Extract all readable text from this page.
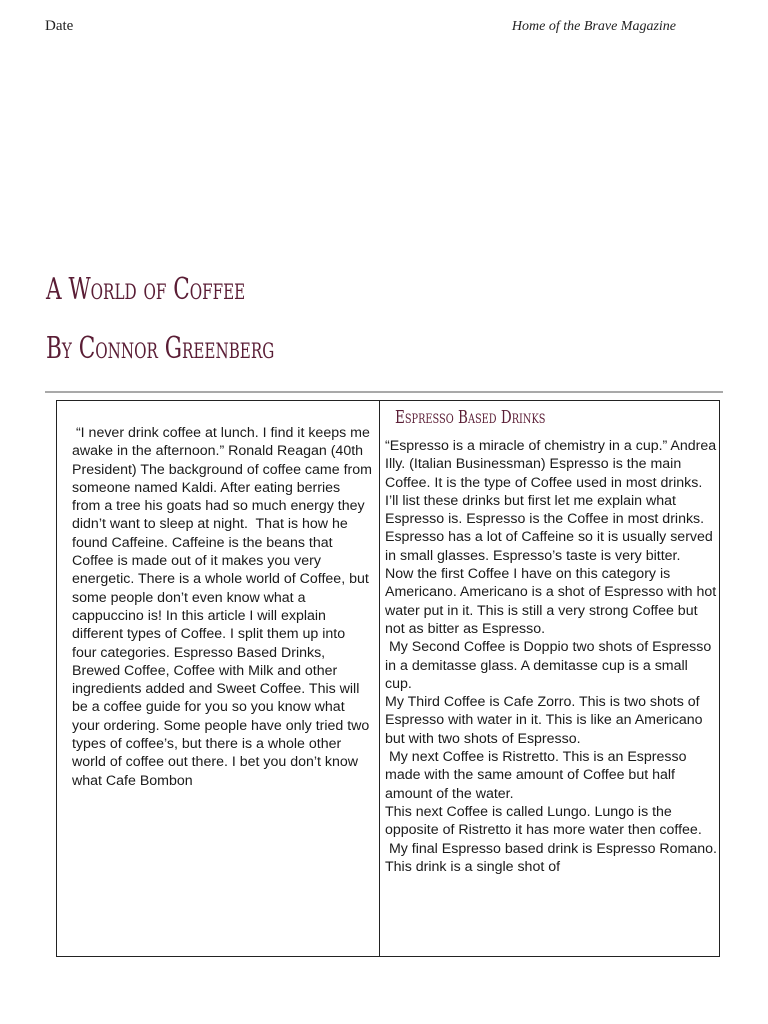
Date	Home of the Brave Magazine
A World of Coffee
By Connor Greenberg

“I never drink coffee at lunch. I find it keeps me awake in the afternoon.” Ronald Reagan (40th President) The background of coffee came from someone named Kaldi. After eating berries from a tree his goats had so much energy they didn’t want to sleep at night.  That is how he found Caffeine. Caffeine is the beans that Coffee is made out of it makes you very energetic. There is a whole world of Coffee, but some people don’t even know what a cappuccino is! In this article I will explain different types of Coffee. I split them up into four categories. Espresso Based Drinks, Brewed Coffee, Coffee with Milk and other ingredients added and Sweet Coffee. This will be a coffee guide for you so you know what your ordering. Some people have only tried two types of coffee’s, but there is a whole other world of coffee out there. I bet you don’t know what Cafe Bombon

Espresso Based Drinks

“Espresso is a miracle of chemistry in a cup.” Andrea Illy. (Italian Businessman) Espresso is the main Coffee. It is the type of Coffee used in most drinks. I’ll list these drinks but first let me explain what Espresso is. Espresso is the Coffee in most drinks. Espresso has a lot of Caffeine so it is usually served in small glasses. Espresso’s taste is very bitter.

Now the first Coffee I have on this category is Americano. Americano is a shot of Espresso with hot water put in it. This is still a very strong Coffee but not as bitter as Espresso.

My Second Coffee is Doppio two shots of Espresso in a demitasse glass. A demitasse cup is a small cup.

My Third Coffee is Cafe Zorro. This is two shots of Espresso with water in it. This is like an Americano but with two shots of Espresso.

My next Coffee is Ristretto. This is an Espresso made with the same amount of Coffee but half amount of the water.

This next Coffee is called Lungo. Lungo is the opposite of Ristretto it has more water then coffee.

My final Espresso based drink is Espresso Romano. This drink is a single shot of
